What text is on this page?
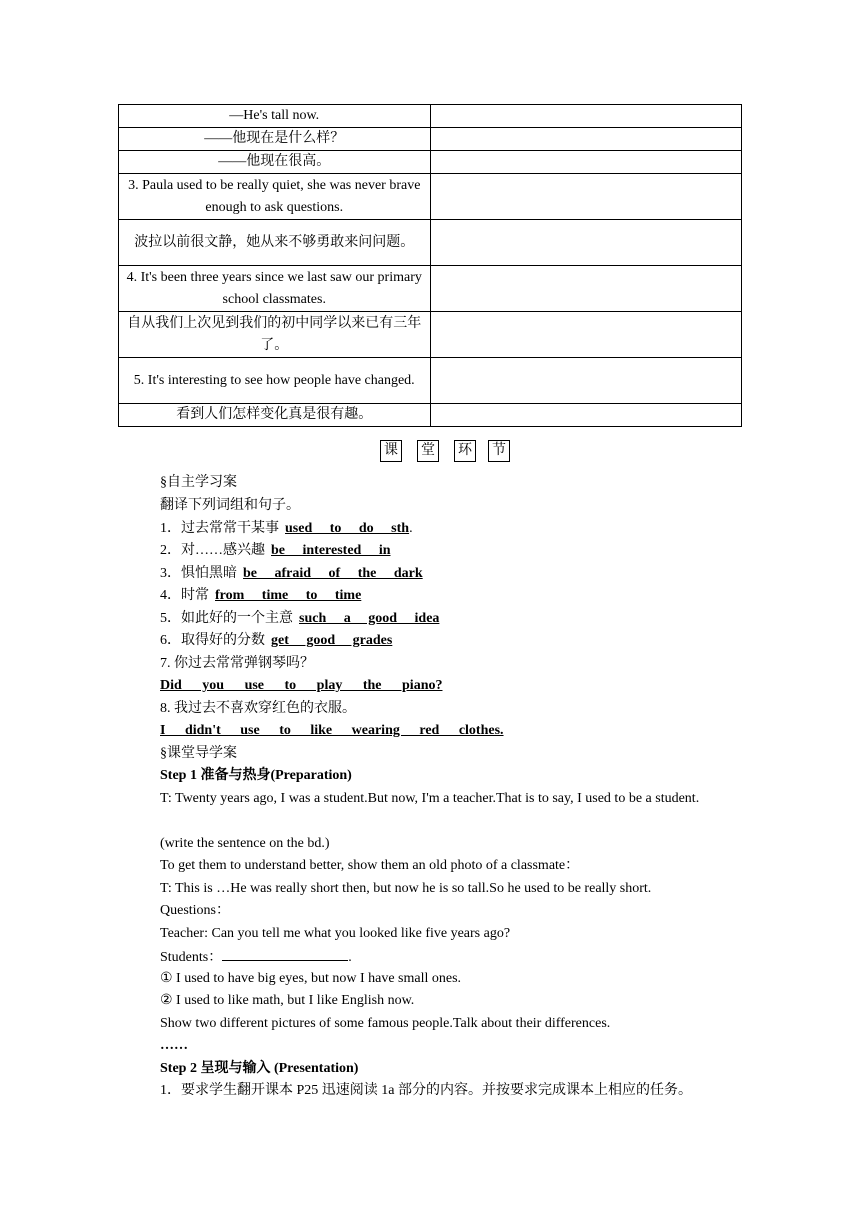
—He's tall now.	
——他现在是什么样？	
——他现在很高。	
3. Paula used to be really quiet, she was never brave enough to ask questions.	
波拉以前很文静，她从来不够勇敢来问问题。	
4. It's been three years since we last saw our primary school classmates.	
自从我们上次见到我们的初中同学以来已有三年了。	
5. It's interesting to see how people have changed.	
看到人们怎样变化真是很有趣。	
课 堂 环 节
§自主学习案
翻译下列词组和句子。
1．过去常常干某事 used to do sth.
2．对……感兴趣 be interested in
3．惧怕黑暗 be afraid of the dark
4．时常 from time to time
5．如此好的一个主意 such a good idea
6．取得好的分数 get good grades
7. 你过去常常弹钢琴吗？
Did you use to play the piano?
8. 我过去不喜欢穿红色的衣服。
I didn't use to like wearing red clothes.
§课堂导学案
Step 1 准备与热身(Preparation)
T: Twenty years ago, I was a student.But now, I'm a teacher.That is to say, I used to be a student.
(write the sentence on the bd.)
To get them to understand better, show them an old photo of a classmate：
T: This is …He was really short then, but now he is so tall.So he used to be really short.
Questions：
Teacher: Can you tell me what you looked like five years ago?
Students：	.
① I used to have big eyes, but now I have small ones.
② I used to like math, but I like English now.
Show two different pictures of some famous people.Talk about their differences.
……
Step 2 呈现与输入 (Presentation)
1．要求学生翻开课本 P25 迅速阅读 1a 部分的内容。并按要求完成课本上相应的任务。
